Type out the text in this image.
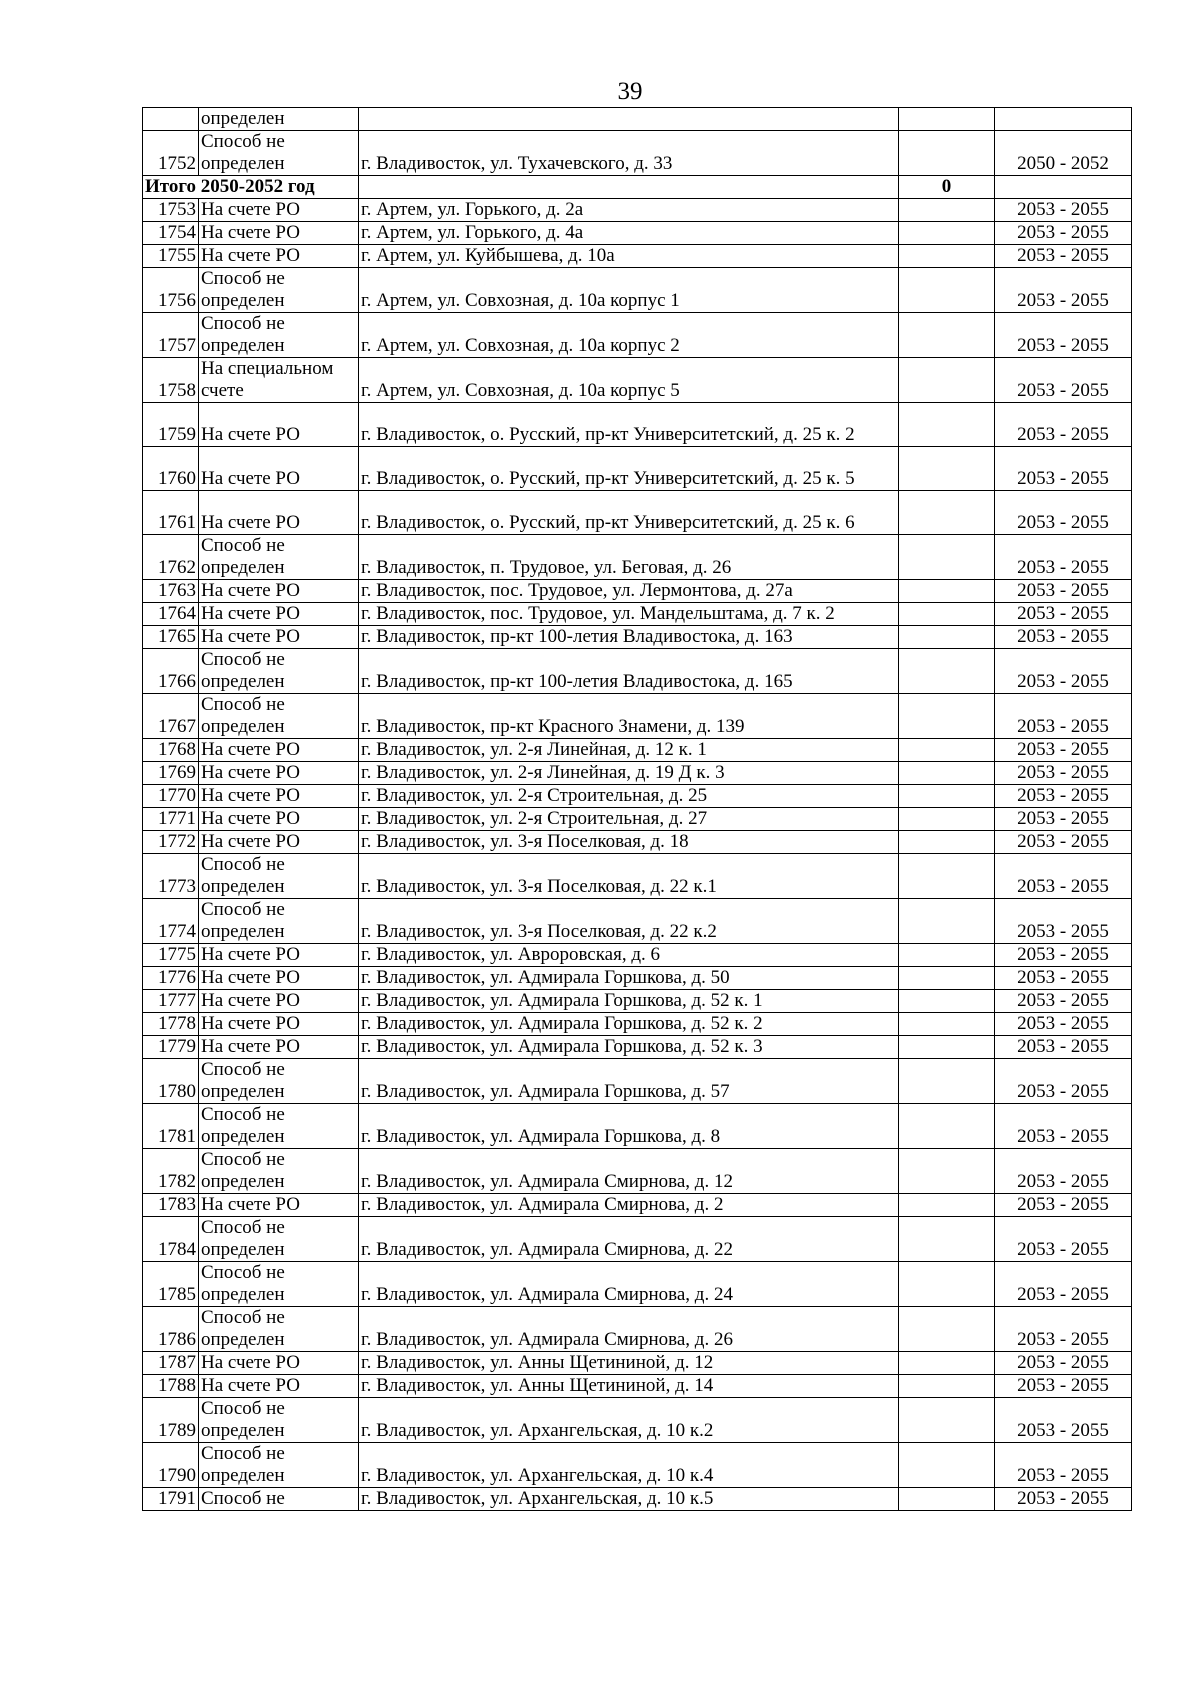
39
	определен			
1752	Способ не определен	г. Владивосток, ул. Тухачевского, д. 33		2050 - 2052
Итого 2050-2052 год			0	
1753	На счете РО	г. Артем, ул. Горького, д. 2а		2053 - 2055
1754	На счете РО	г. Артем, ул. Горького, д. 4а		2053 - 2055
1755	На счете РО	г. Артем, ул. Куйбышева, д. 10а		2053 - 2055
1756	Способ не определен	г. Артем, ул. Совхозная, д. 10а корпус 1		2053 - 2055
1757	Способ не определен	г. Артем, ул. Совхозная, д. 10а корпус 2		2053 - 2055
1758	На специальном счете	г. Артем, ул. Совхозная, д. 10а корпус 5		2053 - 2055
1759	На счете РО	г. Владивосток, о. Русский, пр-кт Университетский, д. 25 к. 2		2053 - 2055
1760	На счете РО	г. Владивосток, о. Русский, пр-кт Университетский, д. 25 к. 5		2053 - 2055
1761	На счете РО	г. Владивосток, о. Русский, пр-кт Университетский, д. 25 к. 6		2053 - 2055
1762	Способ не определен	г. Владивосток, п. Трудовое, ул. Беговая, д. 26		2053 - 2055
1763	На счете РО	г. Владивосток, пос. Трудовое, ул. Лермонтова, д. 27а		2053 - 2055
1764	На счете РО	г. Владивосток, пос. Трудовое, ул. Мандельштама, д. 7 к. 2		2053 - 2055
1765	На счете РО	г. Владивосток, пр-кт 100-летия Владивостока, д. 163		2053 - 2055
1766	Способ не определен	г. Владивосток, пр-кт 100-летия Владивостока, д. 165		2053 - 2055
1767	Способ не определен	г. Владивосток, пр-кт Красного Знамени, д. 139		2053 - 2055
1768	На счете РО	г. Владивосток, ул. 2-я Линейная, д. 12 к. 1		2053 - 2055
1769	На счете РО	г. Владивосток, ул. 2-я Линейная, д. 19 Д к. 3		2053 - 2055
1770	На счете РО	г. Владивосток, ул. 2-я Строительная, д. 25		2053 - 2055
1771	На счете РО	г. Владивосток, ул. 2-я Строительная, д. 27		2053 - 2055
1772	На счете РО	г. Владивосток, ул. 3-я Поселковая, д. 18		2053 - 2055
1773	Способ не определен	г. Владивосток, ул. 3-я Поселковая, д. 22 к.1		2053 - 2055
1774	Способ не определен	г. Владивосток, ул. 3-я Поселковая, д. 22 к.2		2053 - 2055
1775	На счете РО	г. Владивосток, ул. Авроровская, д. 6		2053 - 2055
1776	На счете РО	г. Владивосток, ул. Адмирала Горшкова, д. 50		2053 - 2055
1777	На счете РО	г. Владивосток, ул. Адмирала Горшкова, д. 52 к. 1		2053 - 2055
1778	На счете РО	г. Владивосток, ул. Адмирала Горшкова, д. 52 к. 2		2053 - 2055
1779	На счете РО	г. Владивосток, ул. Адмирала Горшкова, д. 52 к. 3		2053 - 2055
1780	Способ не определен	г. Владивосток, ул. Адмирала Горшкова, д. 57		2053 - 2055
1781	Способ не определен	г. Владивосток, ул. Адмирала Горшкова, д. 8		2053 - 2055
1782	Способ не определен	г. Владивосток, ул. Адмирала Смирнова, д. 12		2053 - 2055
1783	На счете РО	г. Владивосток, ул. Адмирала Смирнова, д. 2		2053 - 2055
1784	Способ не определен	г. Владивосток, ул. Адмирала Смирнова, д. 22		2053 - 2055
1785	Способ не определен	г. Владивосток, ул. Адмирала Смирнова, д. 24		2053 - 2055
1786	Способ не определен	г. Владивосток, ул. Адмирала Смирнова, д. 26		2053 - 2055
1787	На счете РО	г. Владивосток, ул. Анны Щетининой, д. 12		2053 - 2055
1788	На счете РО	г. Владивосток, ул. Анны Щетининой, д. 14		2053 - 2055
1789	Способ не определен	г. Владивосток, ул. Архангельская, д. 10 к.2		2053 - 2055
1790	Способ не определен	г. Владивосток, ул. Архангельская, д. 10 к.4		2053 - 2055
1791	Способ не	г. Владивосток, ул. Архангельская, д. 10 к.5		2053 - 2055
